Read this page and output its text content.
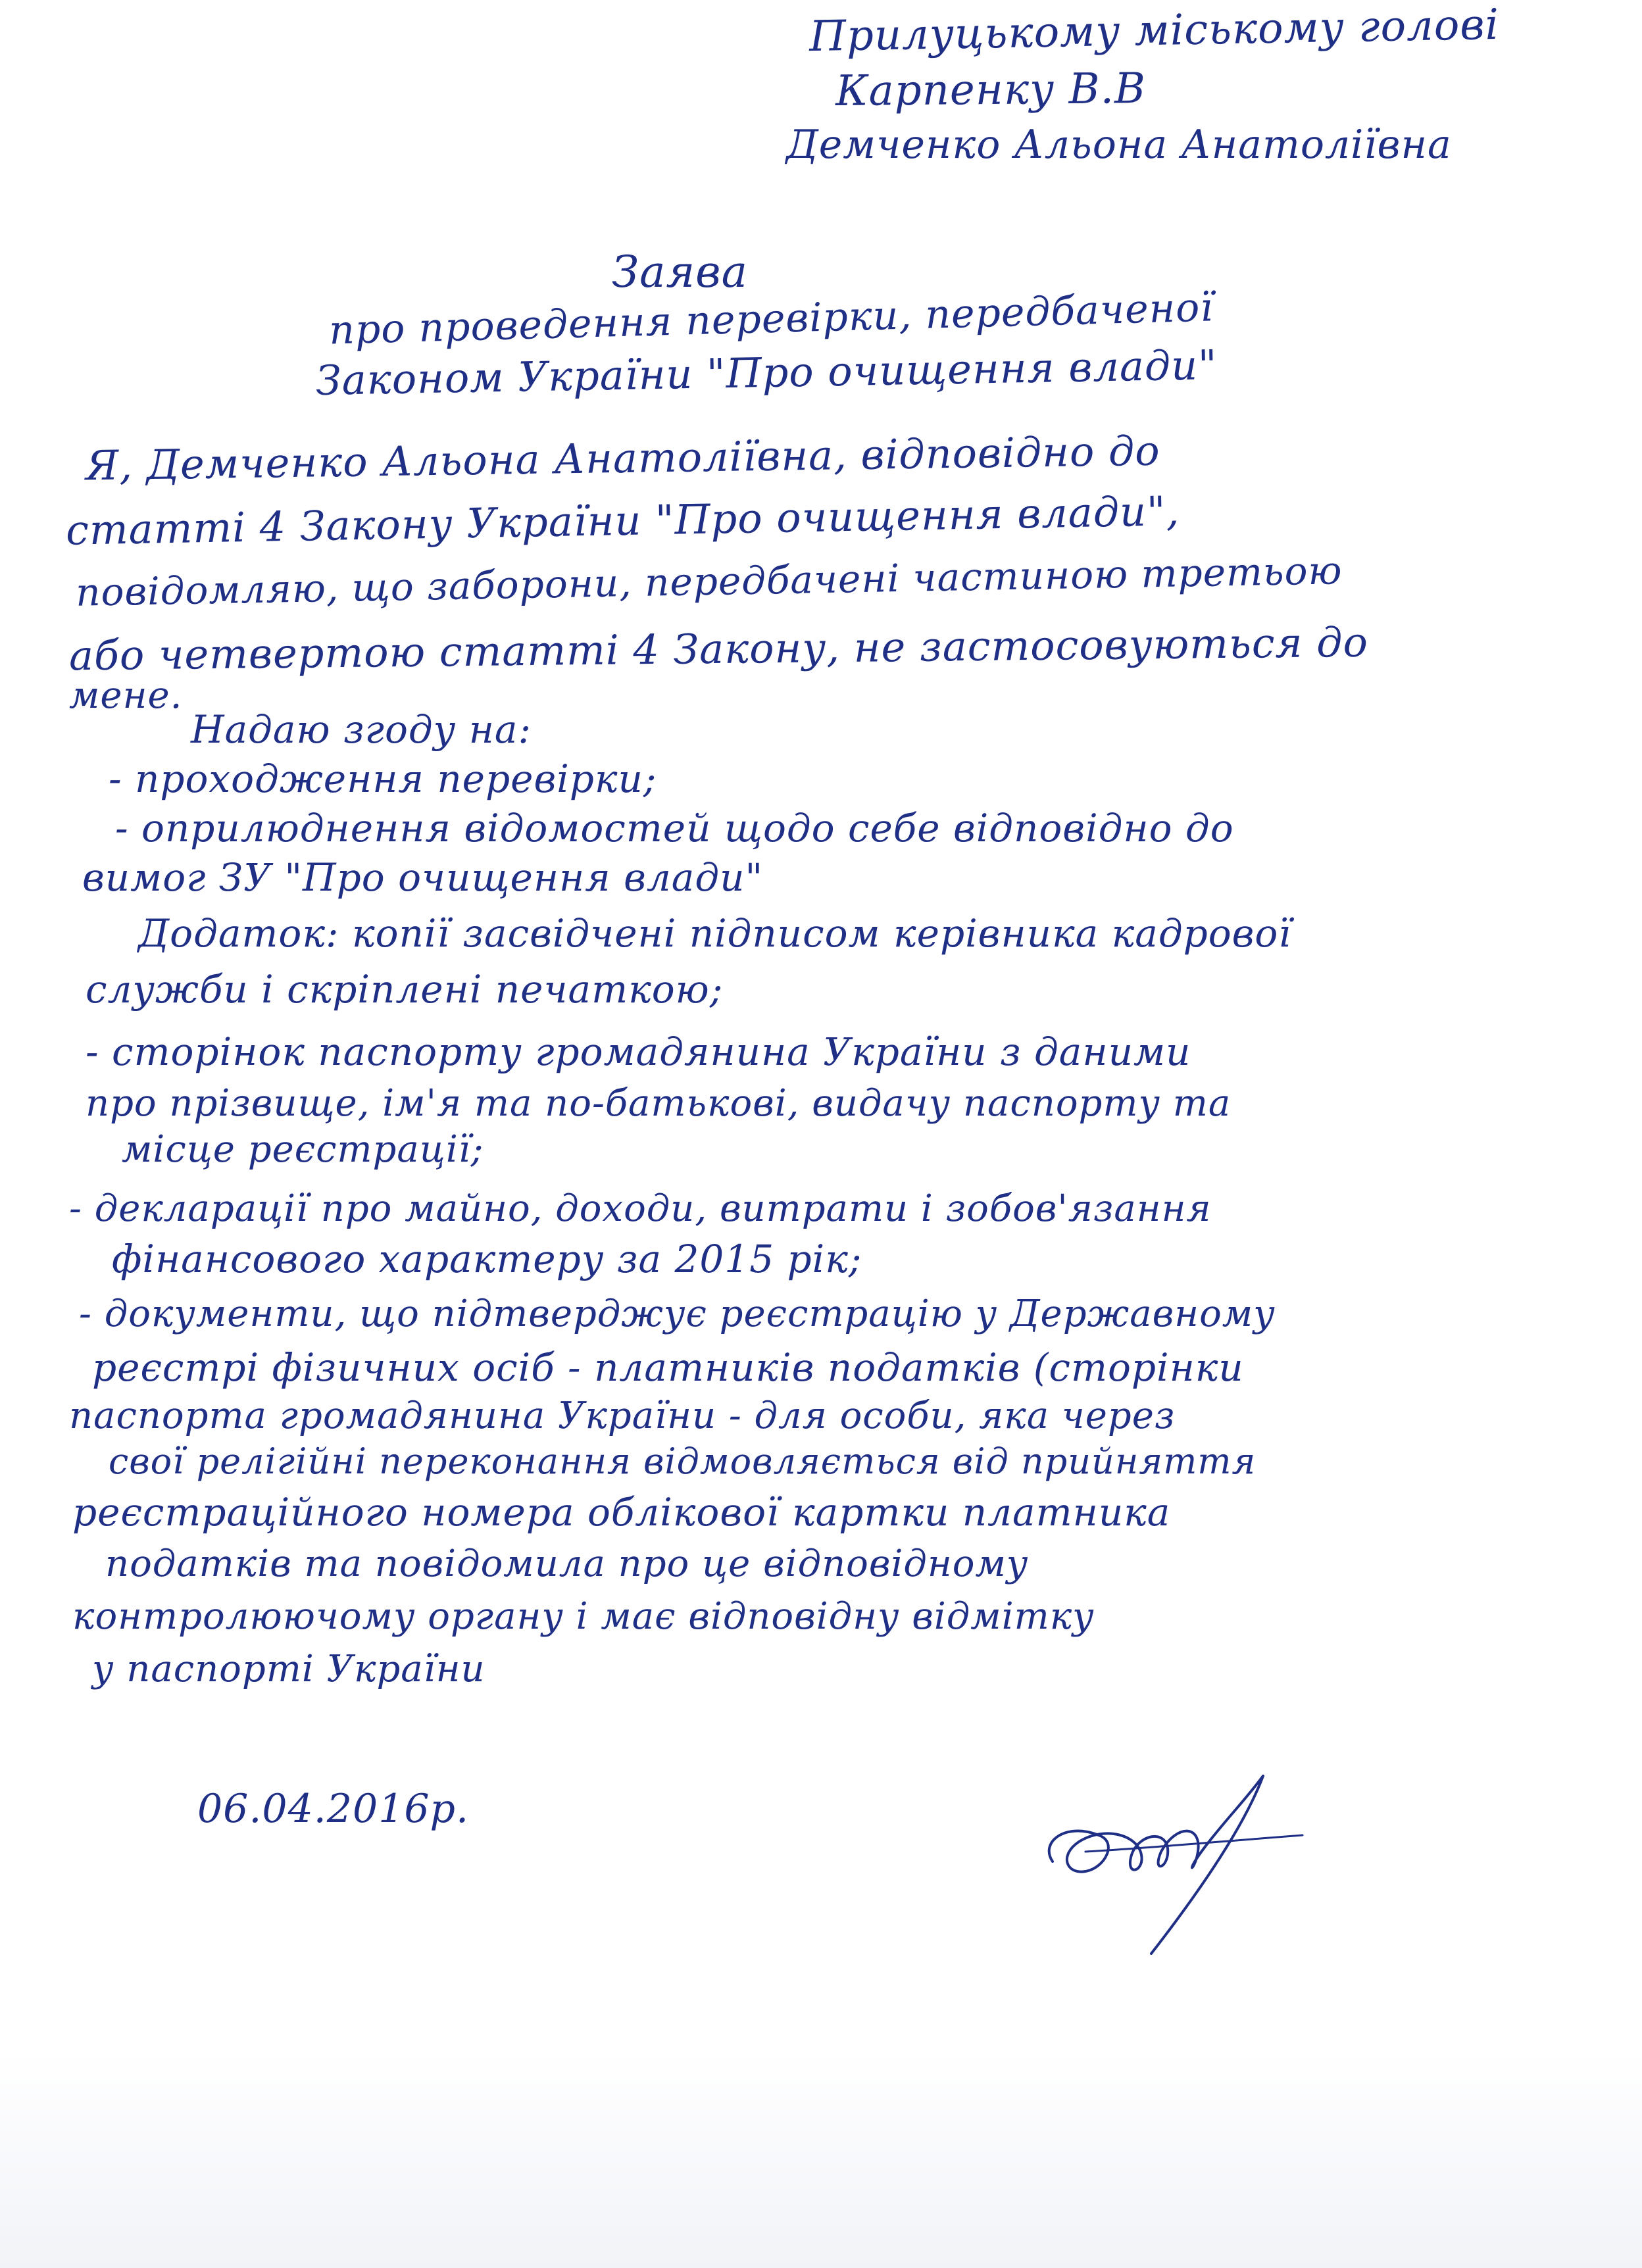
Прилуцькому міському голові
Карпенку В.В
Демченко Альона Анатоліївна
Заява
про проведення перевірки, передбаченої
Законом України "Про очищення влади"
Я, Демченко Альона Анатоліївна, відповідно до
статті 4 Закону України "Про очищення влади",
повідомляю, що заборони, передбачені частиною третьою
або четвертою статті 4 Закону, не застосовуються до
мене.
Надаю згоду на:
- проходження перевірки;
- оприлюднення відомостей щодо себе відповідно до
вимог ЗУ "Про очищення влади"
Додаток: копії засвідчені підписом керівника кадрової
служби і скріплені печаткою;
- сторінок паспорту громадянина України з даними
про прізвище, ім'я та по-батькові, видачу паспорту та
місце реєстрації;
- декларації про майно, доходи, витрати і зобов'язання
фінансового характеру за 2015 рік;
- документи, що підтверджує реєстрацію у Державному
реєстрі фізичних осіб - платників податків (сторінки
паспорта громадянина України - для особи, яка через
свої релігійні переконання відмовляється від прийняття
реєстраційного номера облікової картки платника
податків та повідомила про це відповідному
контролюючому органу і має відповідну відмітку
у паспорті України
06.04.2016р.
